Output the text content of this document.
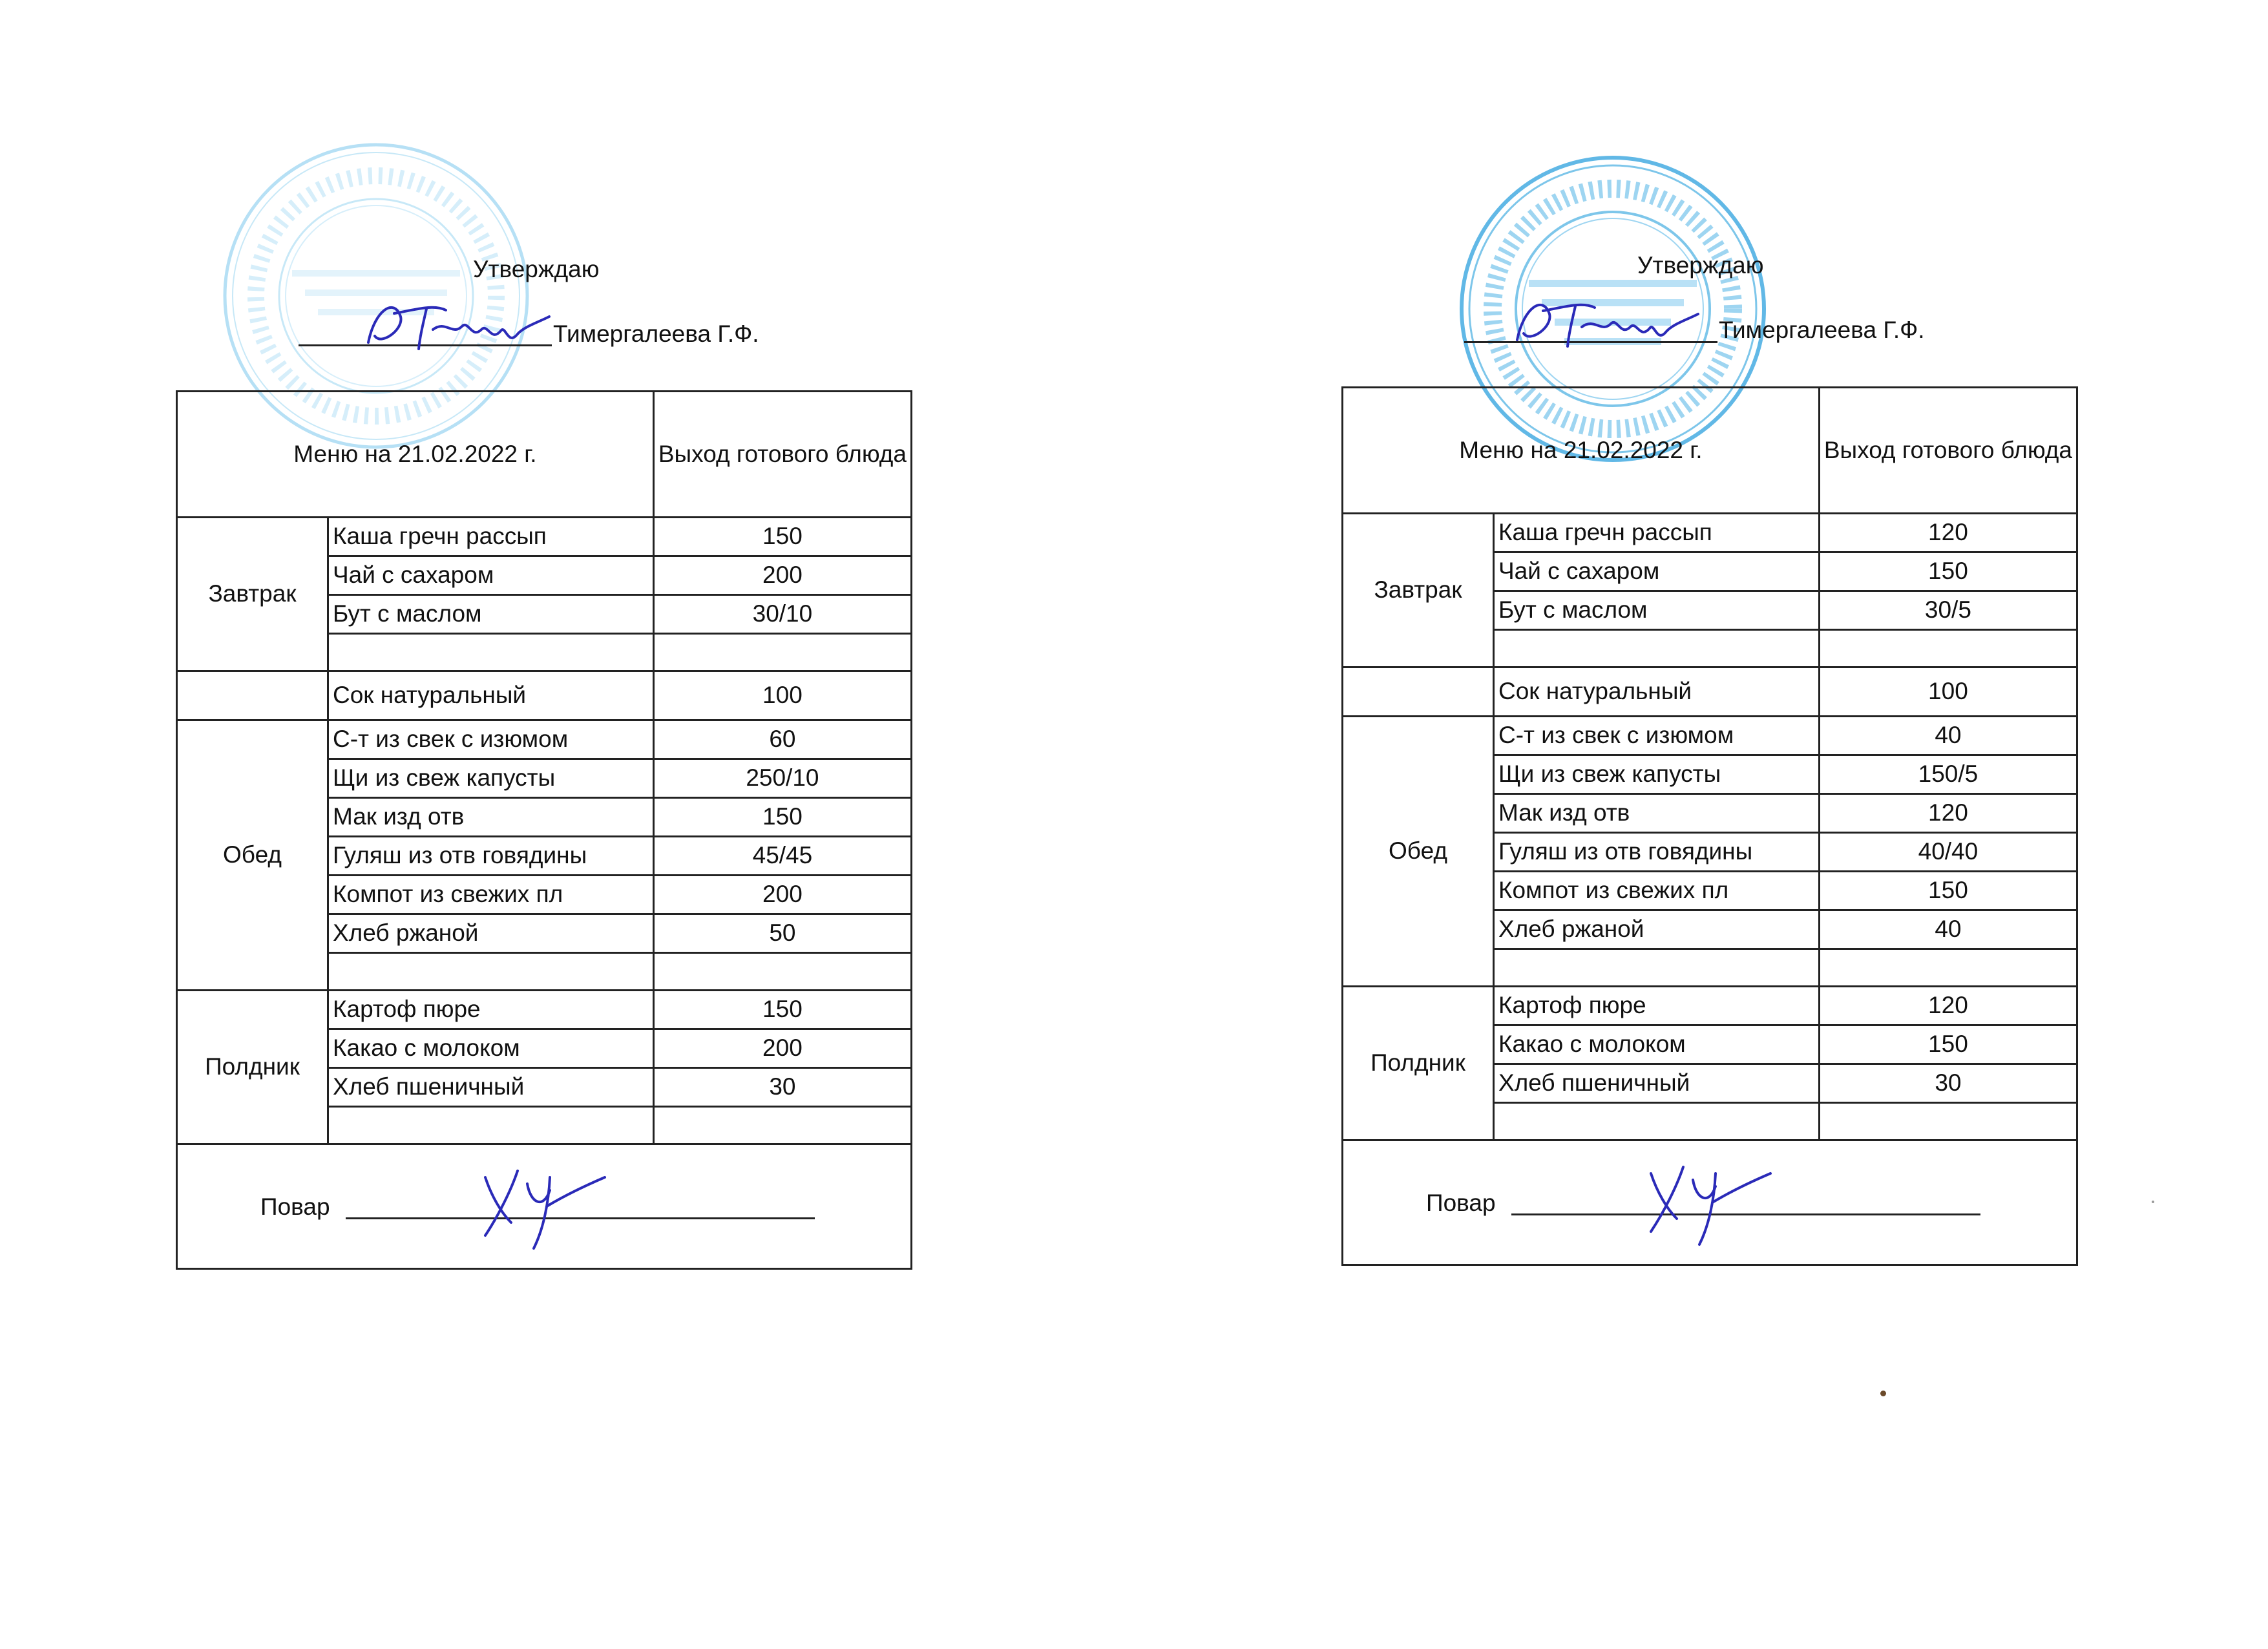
Утверждаю
Тимергалеева Г.Ф.
Меню на 21.02.2022 г.		Выход готового блюда
Завтрак	Каша гречн рассып	150
	Чай с сахаром	200
	Бут с маслом	30/10

	Сок натуральный	100
Обед	С-т из свек с изюмом	60
	Щи из свеж капусты	250/10
	Мак изд отв	150
	Гуляш из отв говядины	45/45
	Компот из свежих пл	200
	Хлеб ржаной	50

Полдник	Картоф пюре	150
	Какао с молоком	200
	Хлеб пшеничный	30

Повар		
Утверждаю
Тимергалеева Г.Ф.
Меню на 21.02.2022 г.		Выход готового блюда
Завтрак	Каша гречн рассып	120
	Чай с сахаром	150
	Бут с маслом	30/5

	Сок натуральный	100
Обед	С-т из свек с изюмом	40
	Щи из свеж капусты	150/5
	Мак изд отв	120
	Гуляш из отв говядины	40/40
	Компот из свежих пл	150
	Хлеб ржаной	40

Полдник	Картоф пюре	120
	Какао с молоком	150
	Хлеб пшеничный	30

Повар		
